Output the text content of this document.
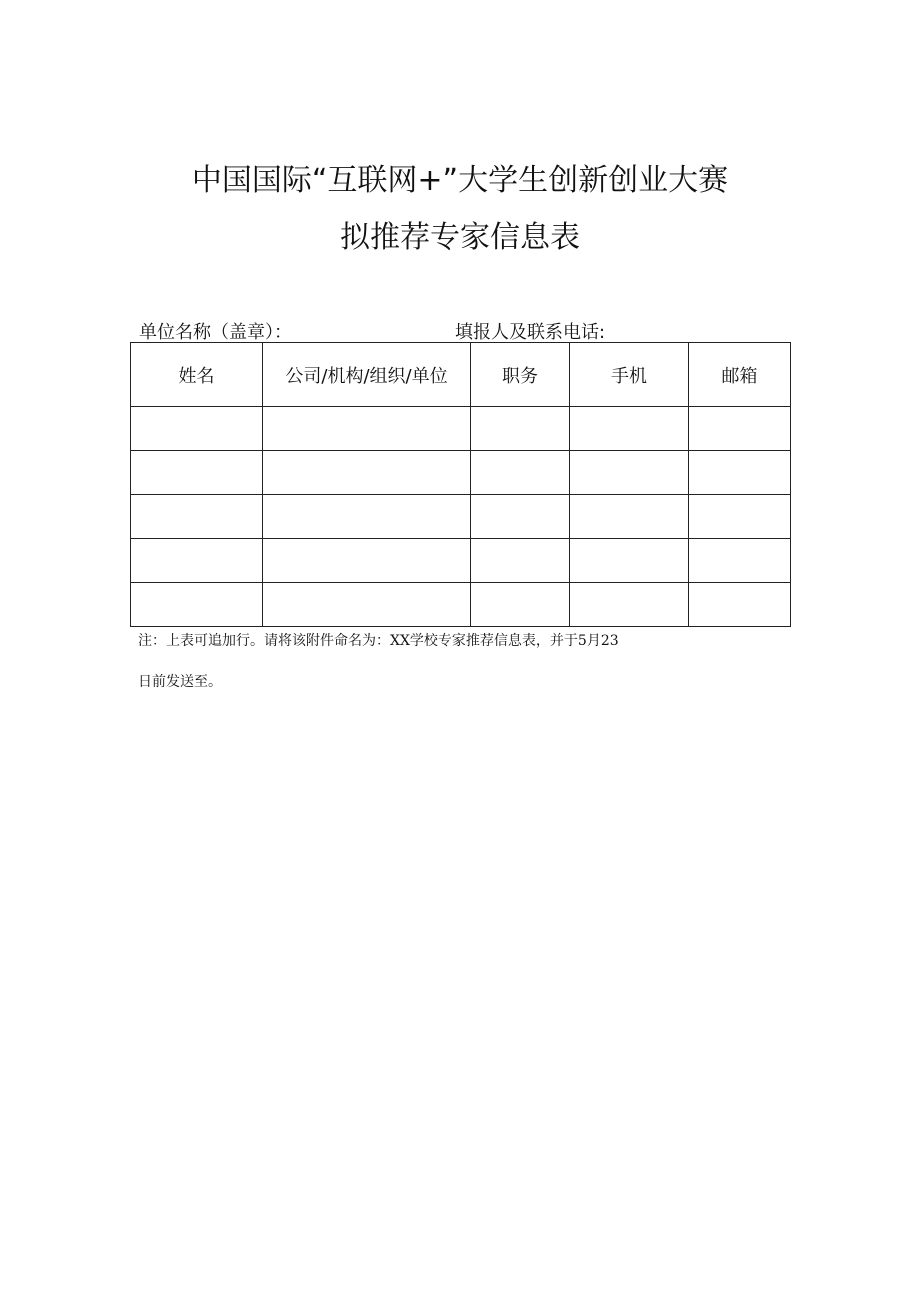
中国国际“互联网+”大学生创新创业大赛
拟推荐专家信息表
单位名称（盖章）：	填报人及联系电话:
姓名	公司/机构/组织/单位	职务	手机	邮箱

注：上表可追加行。请将该附件命名为：XX学校专家推荐信息表，并于5月23
日前发送至。
